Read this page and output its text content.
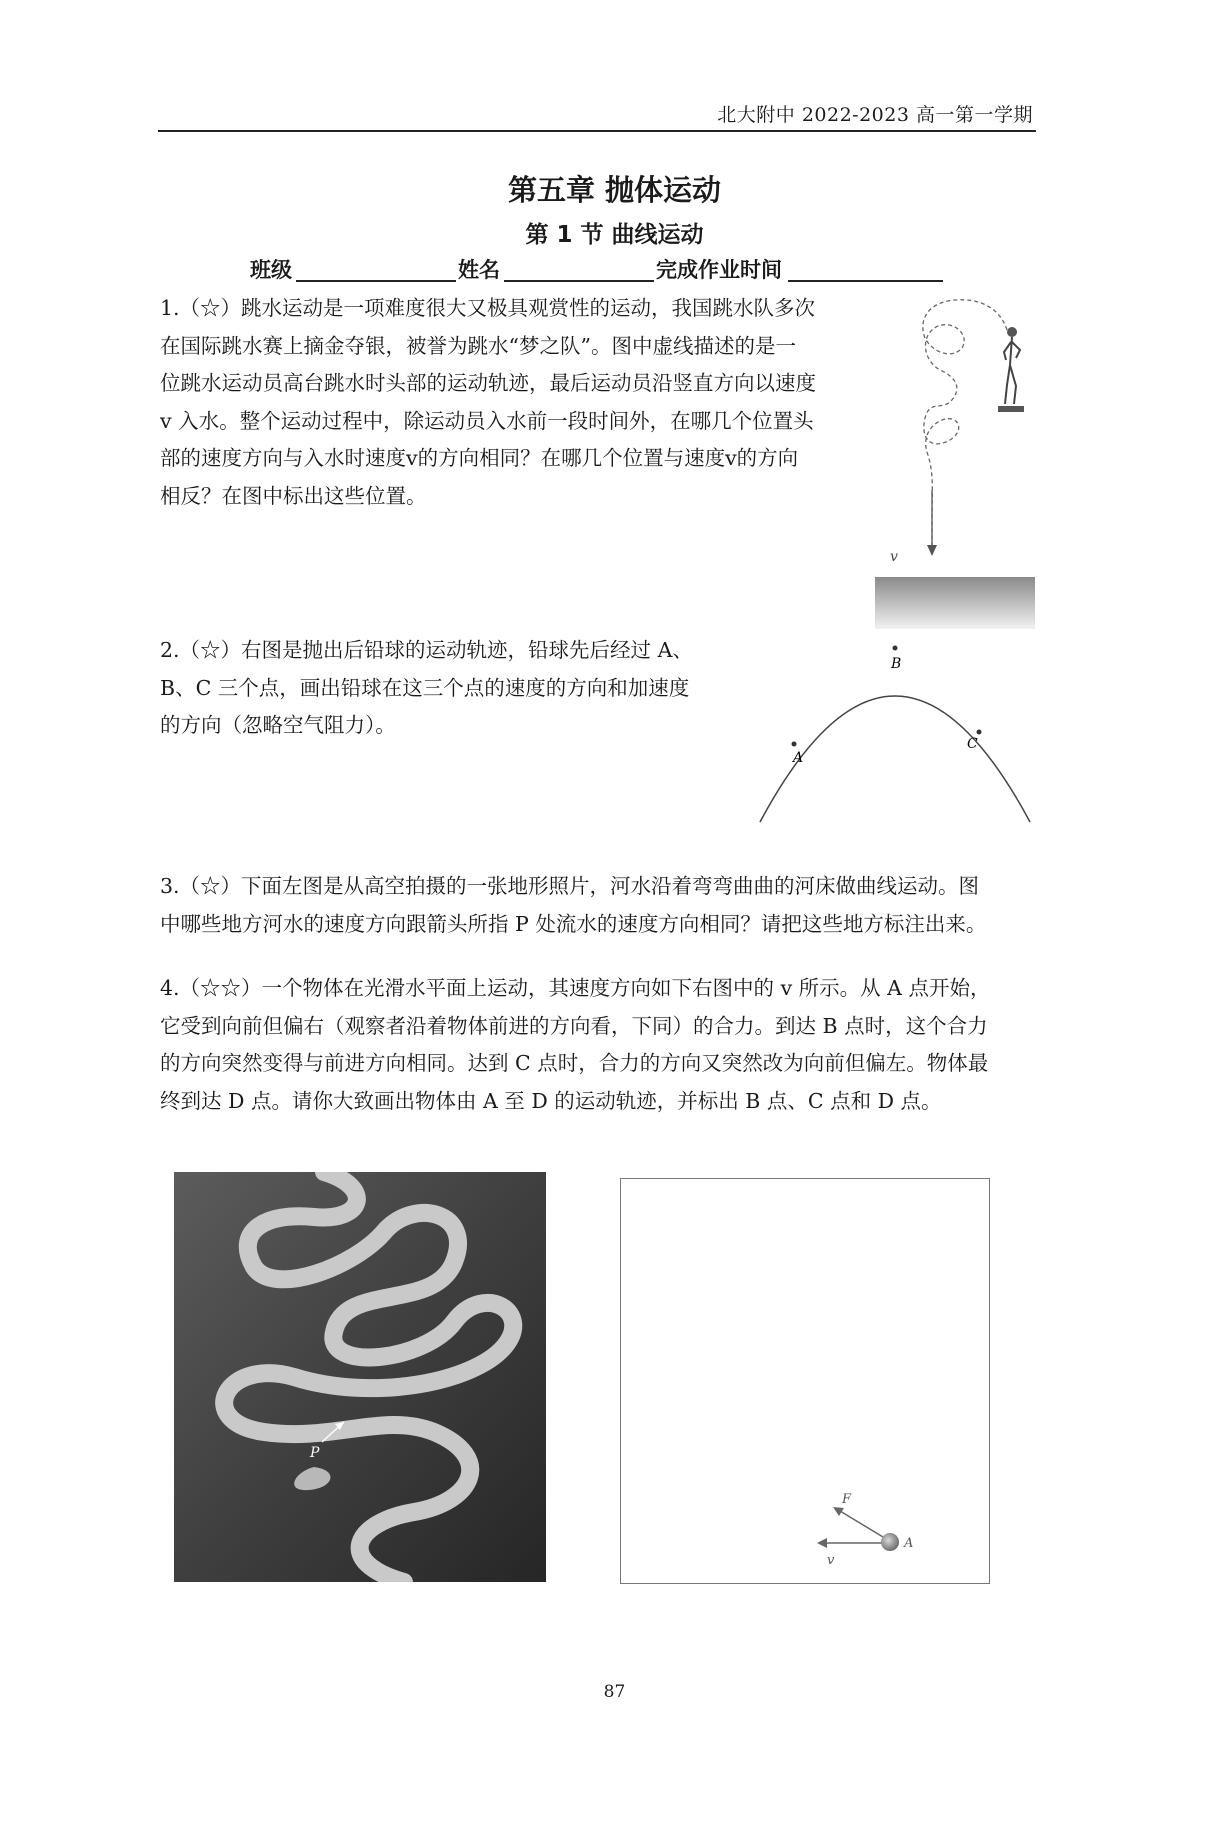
北大附中 2022-2023 高一第一学期
第五章 抛体运动
第 1 节 曲线运动
班级	姓名	完成作业时间
1.（☆）跳水运动是一项难度很大又极具观赏性的运动，我国跳水队多次
在国际跳水赛上摘金夺银，被誉为跳水“梦之队”。图中虚线描述的是一
位跳水运动员高台跳水时头部的运动轨迹，最后运动员沿竖直方向以速度
v 入水。整个运动过程中，除运动员入水前一段时间外，在哪几个位置头
部的速度方向与入水时速度v的方向相同？在哪几个位置与速度v的方向
相反？在图中标出这些位置。
v
2.（☆）右图是抛出后铅球的运动轨迹，铅球先后经过 A、
B、C 三个点，画出铅球在这三个点的速度的方向和加速度
的方向（忽略空气阻力）。
B
A
C
3.（☆）下面左图是从高空拍摄的一张地形照片，河水沿着弯弯曲曲的河床做曲线运动。图
中哪些地方河水的速度方向跟箭头所指 P 处流水的速度方向相同？请把这些地方标注出来。
4.（☆☆）一个物体在光滑水平面上运动，其速度方向如下右图中的 v 所示。从 A 点开始，
它受到向前但偏右（观察者沿着物体前进的方向看，下同）的合力。到达 B 点时，这个合力
的方向突然变得与前进方向相同。达到 C 点时，合力的方向又突然改为向前但偏左。物体最
终到达 D 点。请你大致画出物体由 A 至 D 的运动轨迹，并标出 B 点、C 点和 D 点。
P
F
v
A
87
